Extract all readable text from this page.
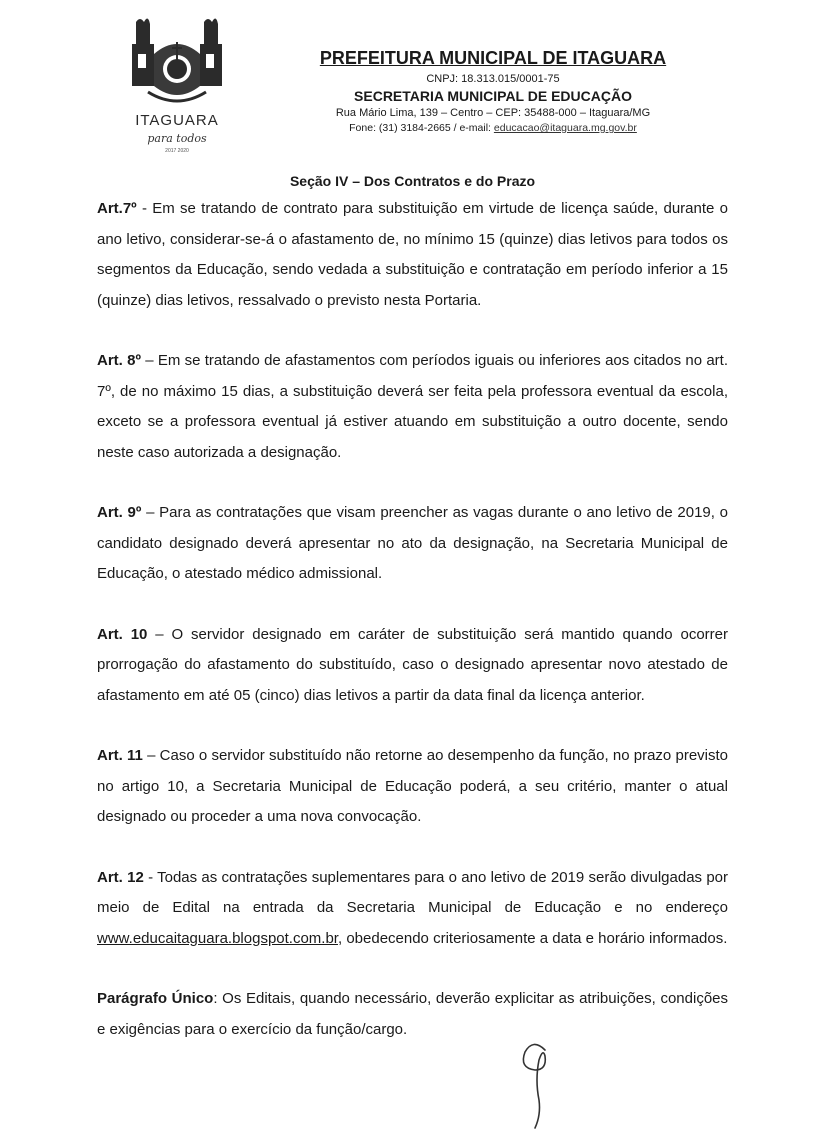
ITAGUARA
para todos
2017 2020
PREFEITURA MUNICIPAL DE ITAGUARA
CNPJ: 18.313.015/0001-75
SECRETARIA MUNICIPAL DE EDUCAÇÃO
Rua Mário Lima, 139 – Centro – CEP: 35488-000 – Itaguara/MG
Fone: (31) 3184-2665 / e-mail: educacao@itaguara.mg.gov.br
Seção IV – Dos Contratos e do Prazo

Art.7º - Em se tratando de contrato para substituição em virtude de licença saúde, durante o ano letivo, considerar-se-á o afastamento de, no mínimo 15 (quinze) dias letivos para todos os segmentos da Educação, sendo vedada a substituição e contratação em período inferior a 15 (quinze) dias letivos, ressalvado o previsto nesta Portaria.

Art. 8º – Em se tratando de afastamentos com períodos iguais ou inferiores aos citados no art. 7º, de no máximo 15 dias, a substituição deverá ser feita pela professora eventual da escola, exceto se a professora eventual já estiver atuando em substituição a outro docente, sendo neste caso autorizada a designação.

Art. 9º – Para as contratações que visam preencher as vagas durante o ano letivo de 2019, o candidato designado deverá apresentar no ato da designação, na Secretaria Municipal de Educação, o atestado médico admissional.

Art. 10 – O servidor designado em caráter de substituição será mantido quando ocorrer prorrogação do afastamento do substituído, caso o designado apresentar novo atestado de afastamento em até 05 (cinco) dias letivos a partir da data final da licença anterior.

Art. 11 – Caso o servidor substituído não retorne ao desempenho da função, no prazo previsto no artigo 10, a Secretaria Municipal de Educação poderá, a seu critério, manter o atual designado ou proceder a uma nova convocação.

Art. 12 - Todas as contratações suplementares para o ano letivo de 2019 serão divulgadas por meio de Edital na entrada da Secretaria Municipal de Educação e no endereço www.educaitaguara.blogspot.com.br, obedecendo criteriosamente a data e horário informados.

Parágrafo Único: Os Editais, quando necessário, deverão explicitar as atribuições, condições e exigências para o exercício da função/cargo.
